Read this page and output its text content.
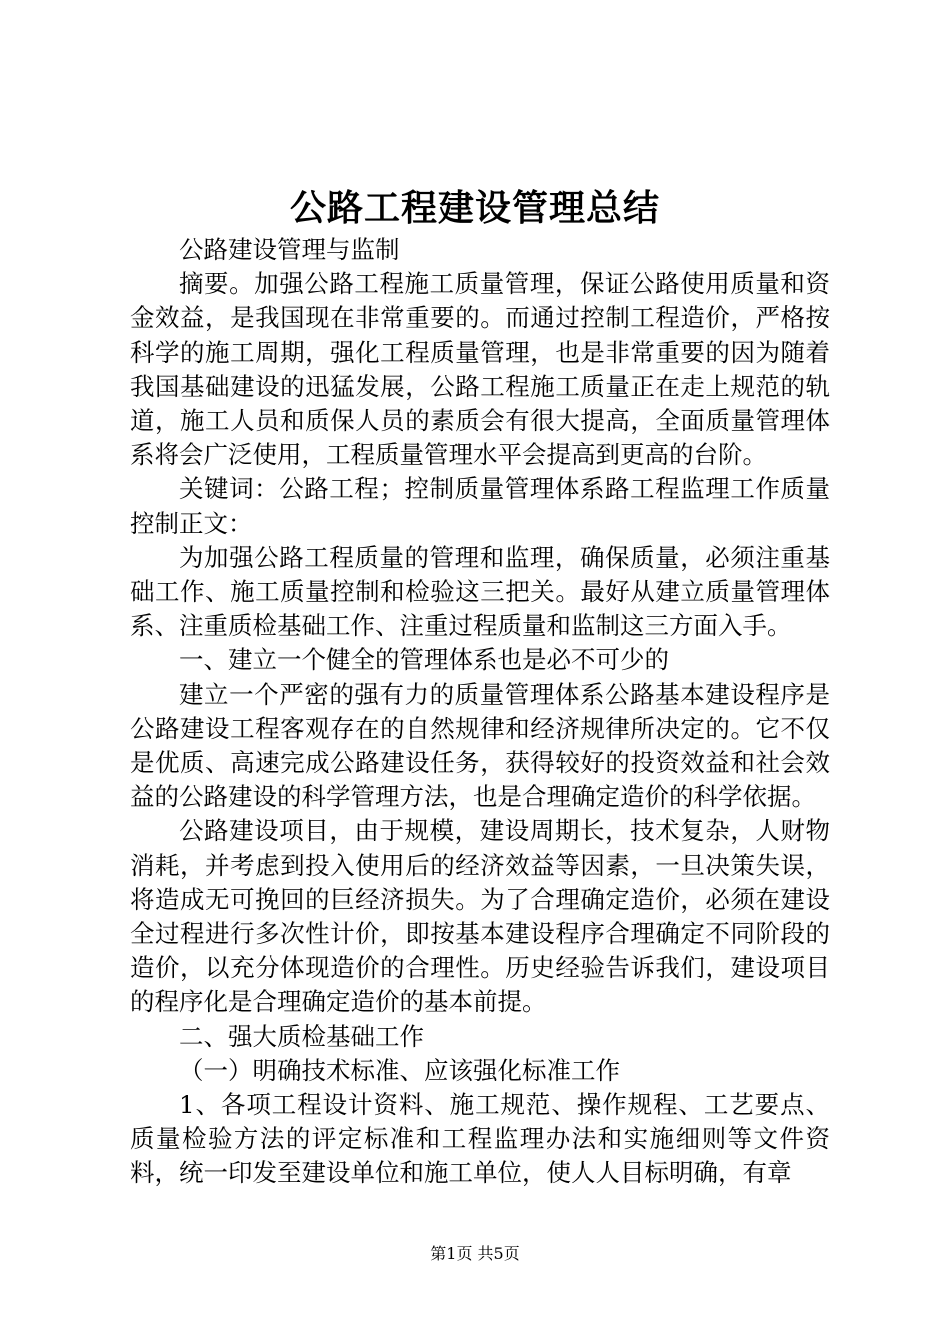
公路工程建设管理总结

公路建设管理与监制

摘要。加强公路工程施工质量管理，保证公路使用质量和资金效益，是我国现在非常重要的。而通过控制工程造价，严格按科学的施工周期，强化工程质量管理，也是非常重要的因为随着我国基础建设的迅猛发展，公路工程施工质量正在走上规范的轨道，施工人员和质保人员的素质会有很大提高，全面质量管理体系将会广泛使用，工程质量管理水平会提高到更高的台阶。

关键词：公路工程；控制质量管理体系路工程监理工作质量控制正文：

为加强公路工程质量的管理和监理，确保质量，必须注重基础工作、施工质量控制和检验这三把关。最好从建立质量管理体系、注重质检基础工作、注重过程质量和监制这三方面入手。

一、建立一个健全的管理体系也是必不可少的

建立一个严密的强有力的质量管理体系公路基本建设程序是公路建设工程客观存在的自然规律和经济规律所决定的。它不仅是优质、高速完成公路建设任务，获得较好的投资效益和社会效益的公路建设的科学管理方法，也是合理确定造价的科学依据。

公路建设项目，由于规模，建设周期长，技术复杂，人财物消耗，并考虑到投入使用后的经济效益等因素，一旦决策失误，将造成无可挽回的巨经济损失。为了合理确定造价，必须在建设全过程进行多次性计价，即按基本建设程序合理确定不同阶段的造价，以充分体现造价的合理性。历史经验告诉我们，建设项目的程序化是合理确定造价的基本前提。

二、强大质检基础工作

（一）明确技术标准、应该强化标准工作

1、各项工程设计资料、施工规范、操作规程、工艺要点、质量检验方法的评定标准和工程监理办法和实施细则等文件资料，统一印发至建设单位和施工单位，使人人目标明确，有章

第1页 共5页
